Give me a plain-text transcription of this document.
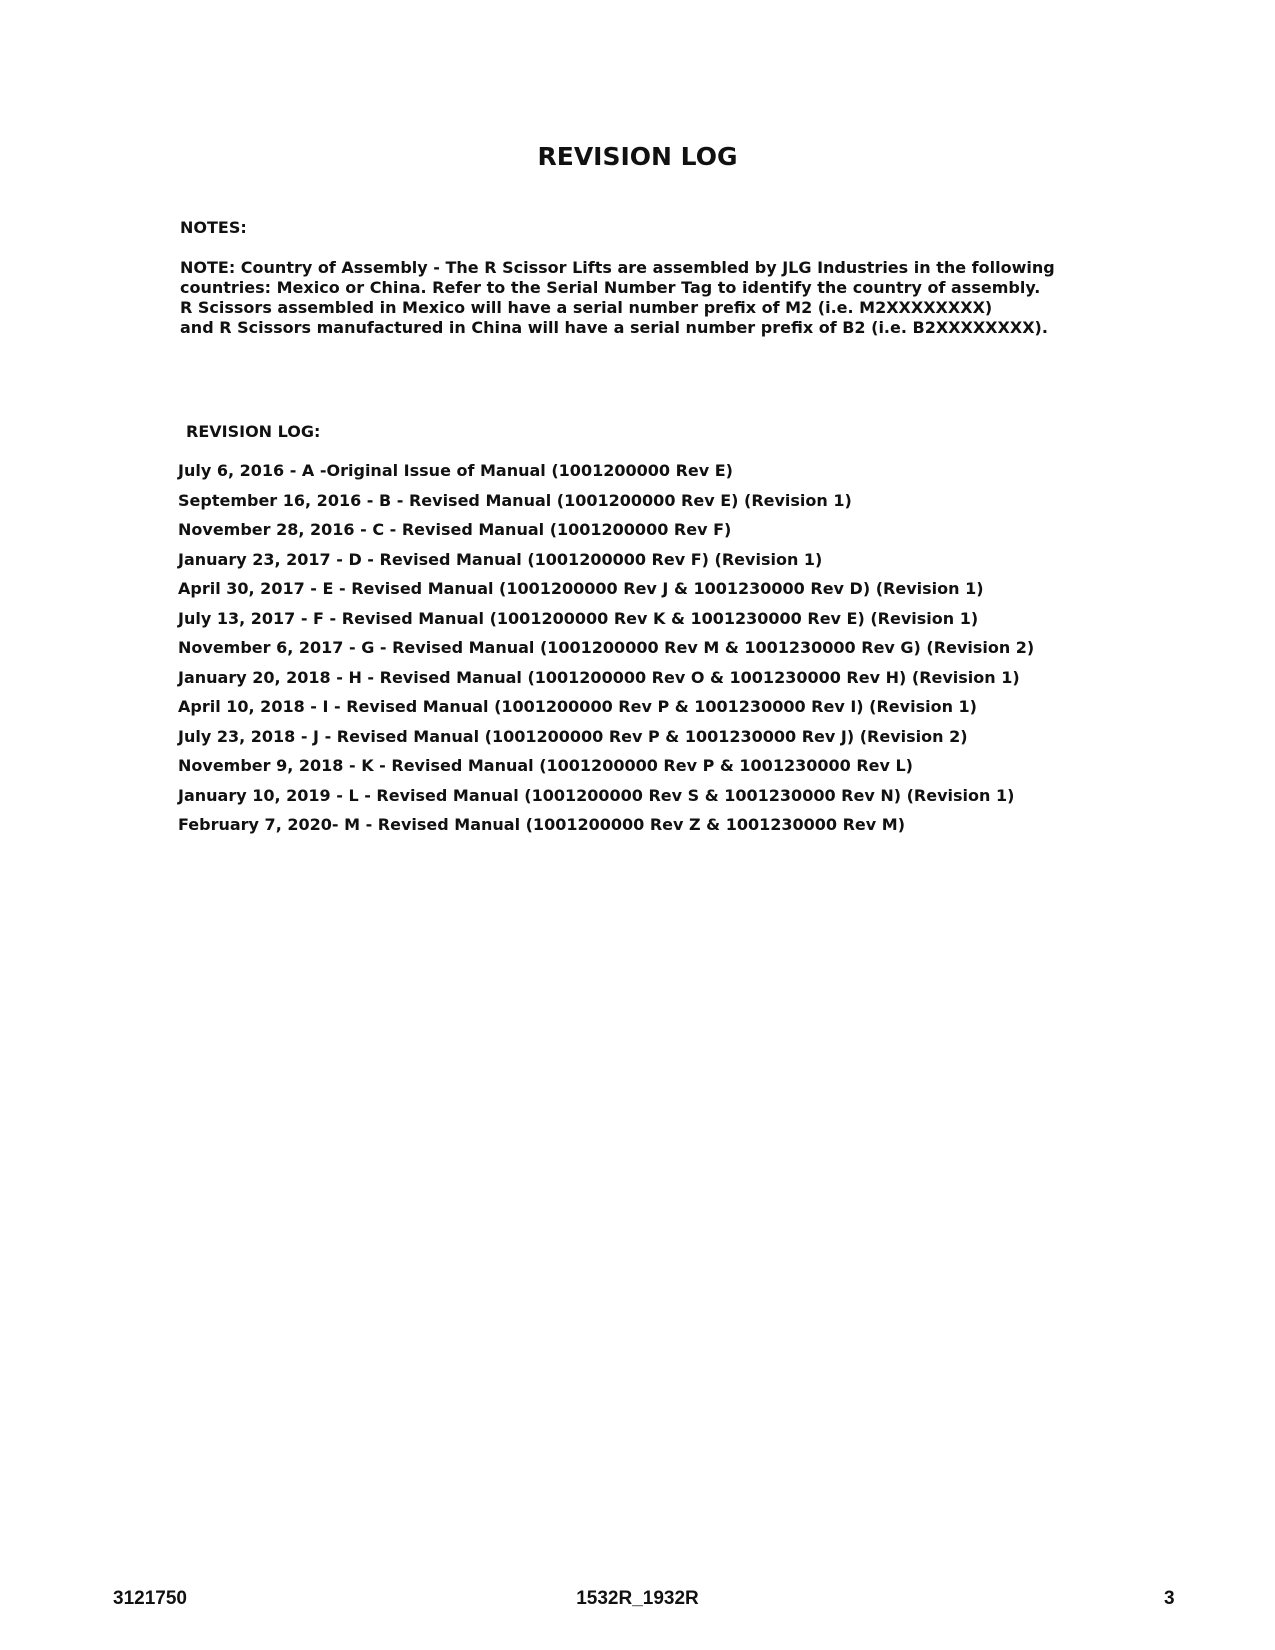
REVISION LOG
NOTES:
NOTE: Country of Assembly - The R Scissor Lifts are assembled by JLG Industries in the following
countries: Mexico or China. Refer to the Serial Number Tag to identify the country of assembly.
R Scissors assembled in Mexico will have a serial number prefix of M2 (i.e. M2XXXXXXXX)
and R Scissors manufactured in China will have a serial number prefix of B2 (i.e. B2XXXXXXXX).
REVISION LOG:
July 6, 2016 - A -Original Issue of Manual (1001200000 Rev E)
September 16, 2016 - B - Revised Manual (1001200000 Rev E) (Revision 1)
November 28, 2016 - C - Revised Manual (1001200000 Rev F)
January 23, 2017 - D - Revised Manual (1001200000 Rev F) (Revision 1)
April 30, 2017 - E - Revised Manual (1001200000 Rev J & 1001230000 Rev D) (Revision 1)
July 13, 2017 - F - Revised Manual (1001200000 Rev K & 1001230000 Rev E) (Revision 1)
November 6, 2017 - G - Revised Manual (1001200000 Rev M & 1001230000 Rev G) (Revision 2)
January 20, 2018 - H - Revised Manual (1001200000 Rev O & 1001230000 Rev H) (Revision 1)
April 10, 2018 - I - Revised Manual (1001200000 Rev P & 1001230000 Rev I) (Revision 1)
July 23, 2018 - J - Revised Manual (1001200000 Rev P & 1001230000 Rev J) (Revision 2)
November 9, 2018 - K - Revised Manual (1001200000 Rev P & 1001230000 Rev L)
January 10, 2019 - L - Revised Manual (1001200000 Rev S & 1001230000 Rev N) (Revision 1)
February 7, 2020- M - Revised Manual (1001200000 Rev Z & 1001230000 Rev M)
3121750	1532R_1932R	3
